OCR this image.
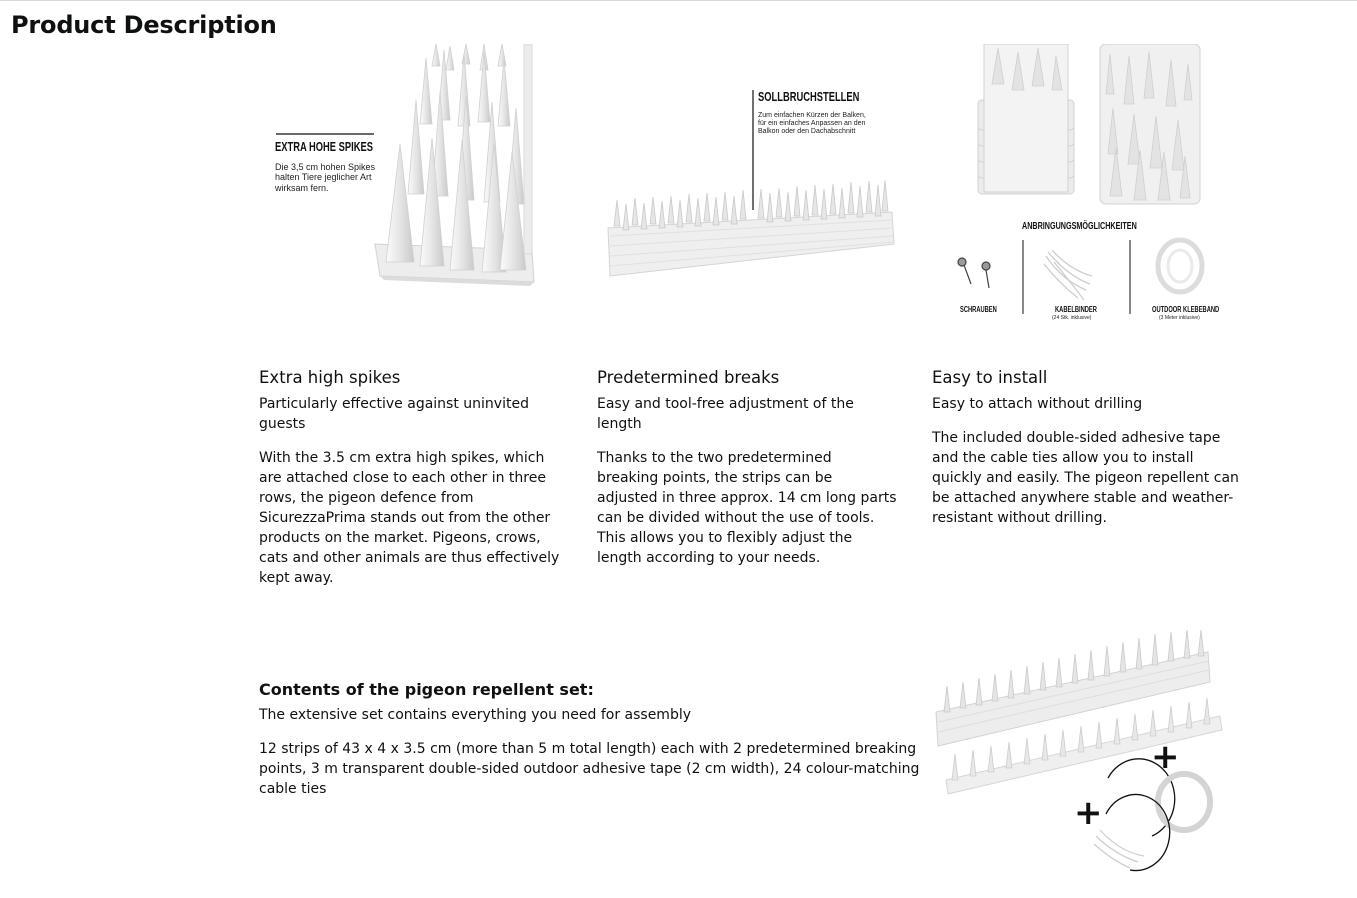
Product Description
EXTRA HOHE SPIKES
Die 3,5 cm hohen Spikes
halten Tiere jeglicher Art
wirksam fern.
SOLLBRUCHSTELLEN
Zum einfachen Kürzen der Balken,
für ein einfaches Anpassen an den
Balkon oder den Dachabschnitt
ANBRINGUNGSMÖGLICHKEITEN
SCHRAUBEN	KABELBINDER
(24 Stk. inklusive)
OUTDOOR KLEBEBAND
(3 Meter inklusive)
Extra high spikes

Particularly effective against uninvited guests

With the 3.5 cm extra high spikes, which are attached close to each other in three rows, the pigeon defence from SicurezzaPrima stands out from the other products on the market. Pigeons, crows, cats and other animals are thus effectively kept away.

Predetermined breaks

Easy and tool-free adjustment of the length

Thanks to the two predetermined breaking points, the strips can be adjusted in three approx. 14 cm long parts can be divided without the use of tools. This allows you to flexibly adjust the length according to your needs.

Easy to install

Easy to attach without drilling

The included double-sided adhesive tape and the cable ties allow you to install quickly and easily. The pigeon repellent can be attached anywhere stable and weather-resistant without drilling.

Contents of the pigeon repellent set:

The extensive set contains everything you need for assembly

12 strips of 43 x 4 x 3.5 cm (more than 5 m total length) each with 2 predetermined breaking points, 3 m transparent double-sided outdoor adhesive tape (2 cm width), 24 colour-matching cable ties

+
+
